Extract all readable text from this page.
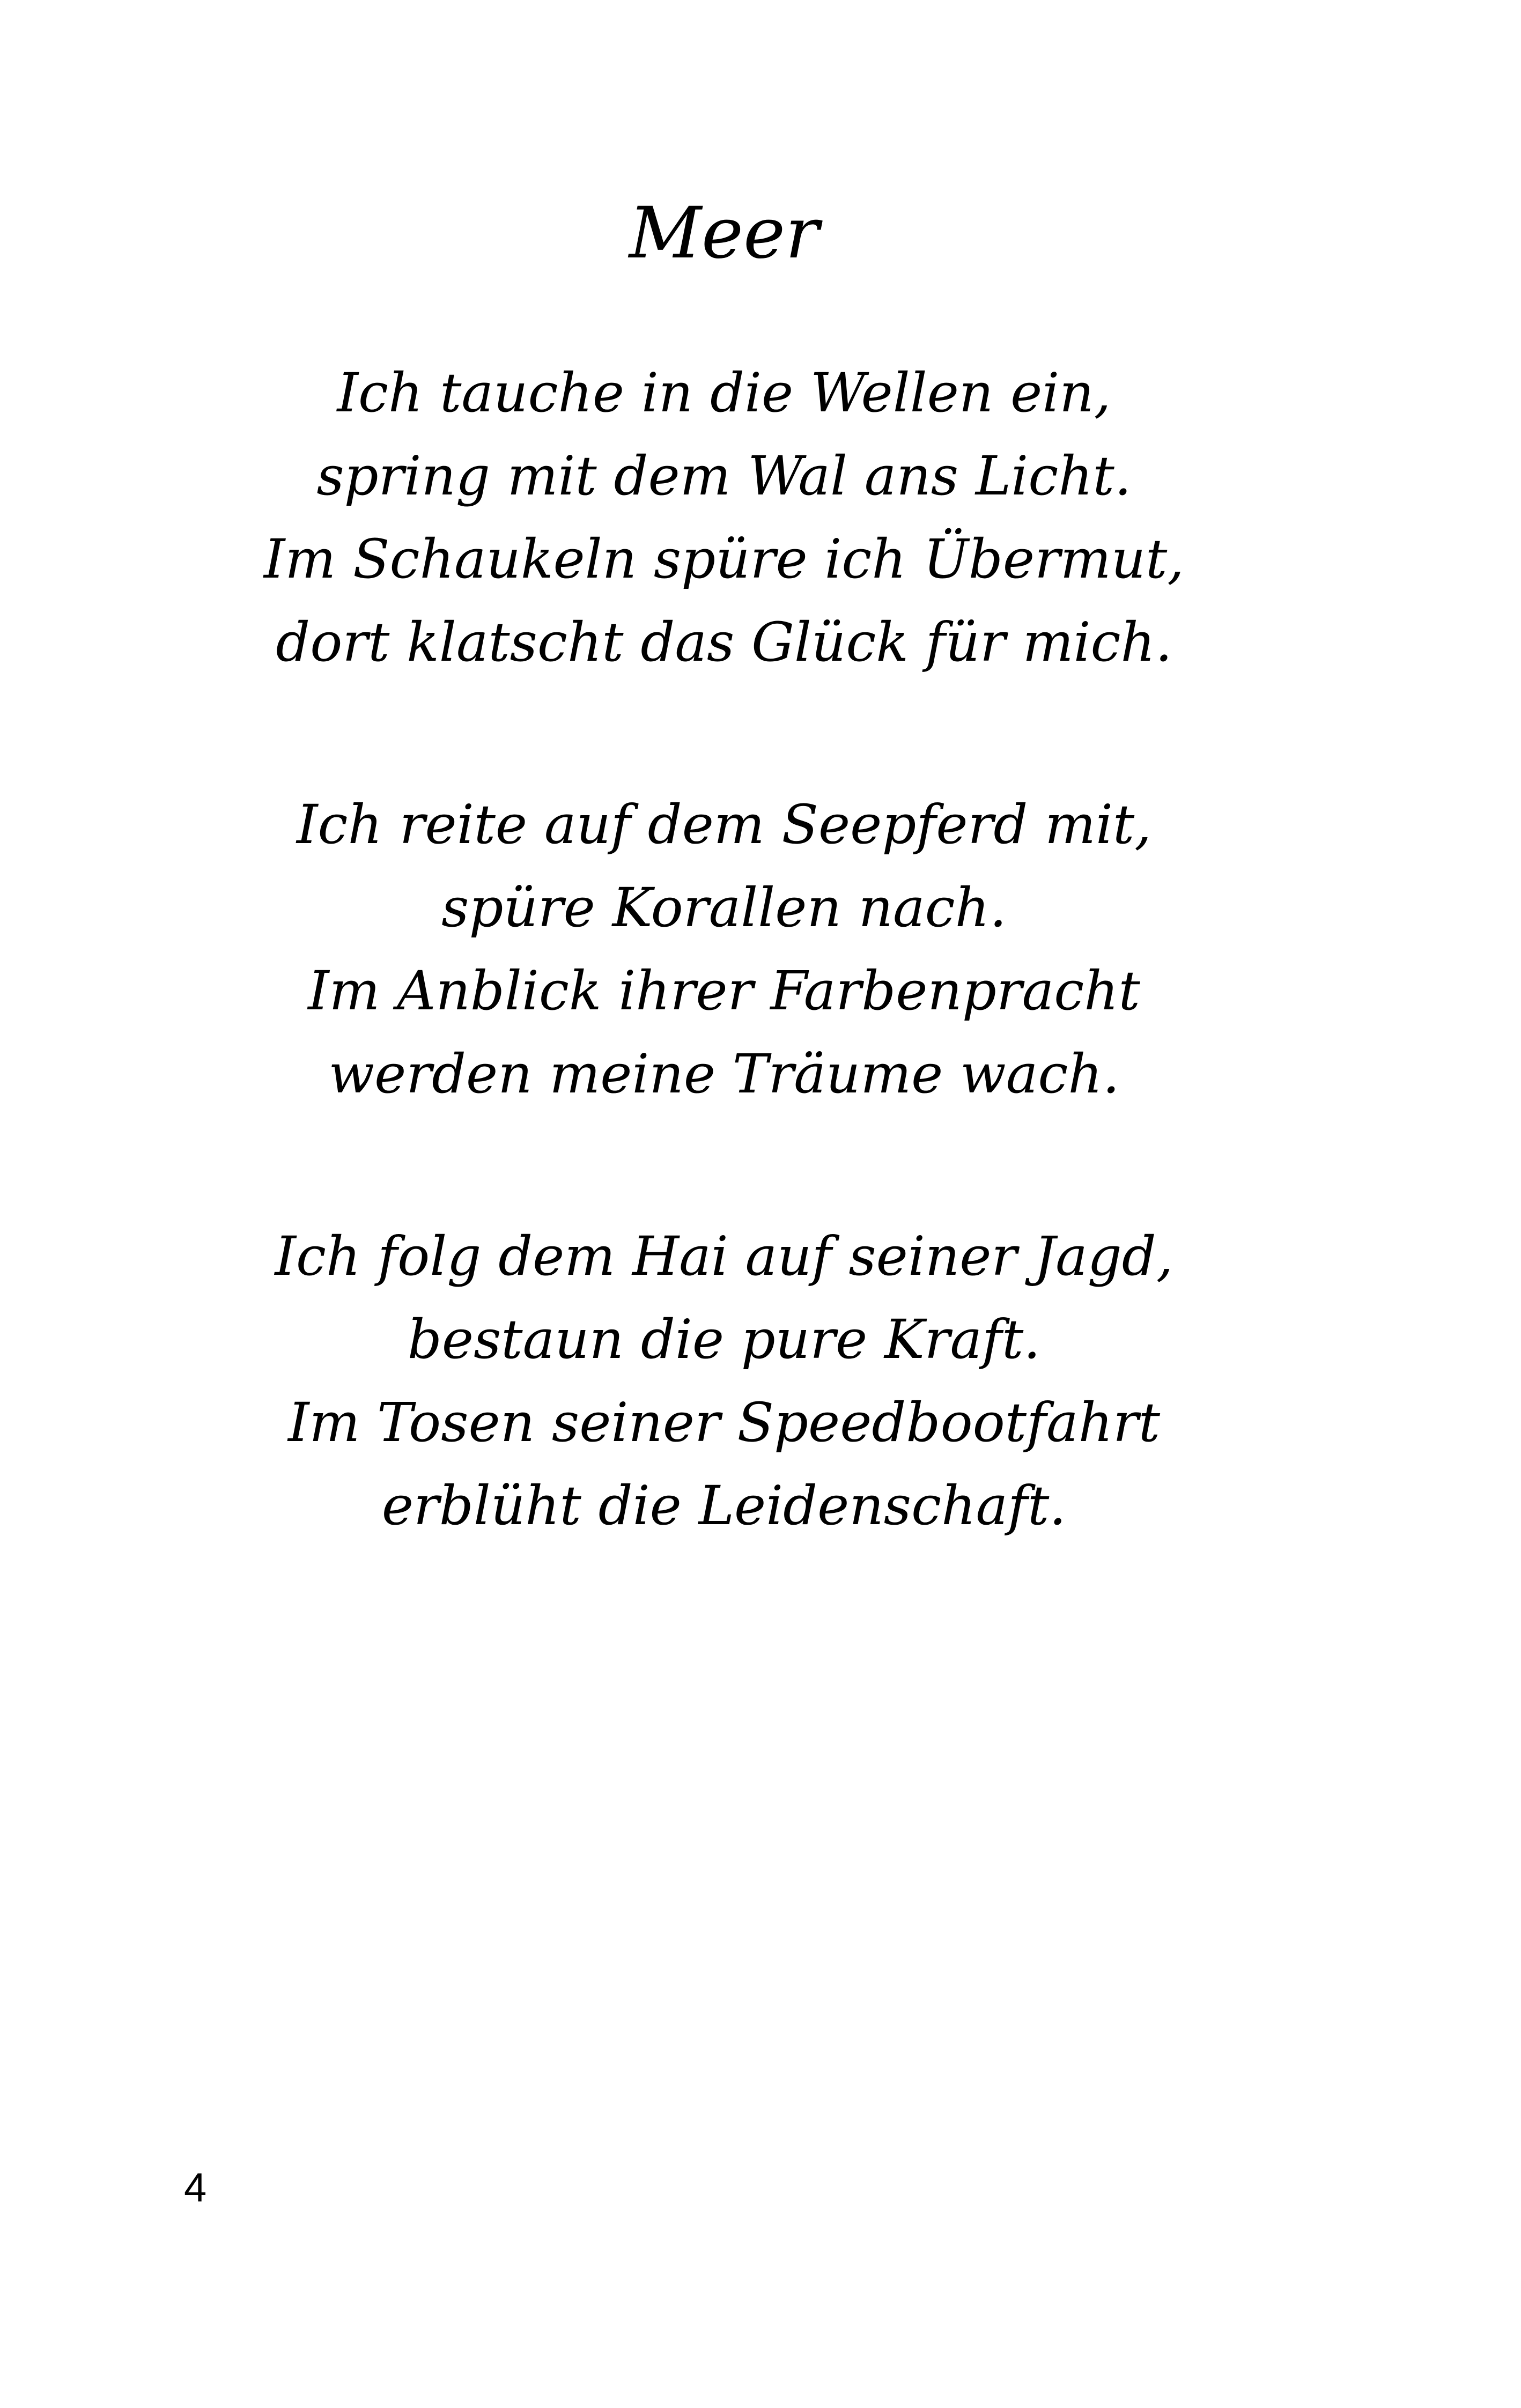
Meer
Ich tauche in die Wellen ein,
spring mit dem Wal ans Licht.
Im Schaukeln spüre ich Übermut,
dort klatscht das Glück für mich.
Ich reite auf dem Seepferd mit,
spüre Korallen nach.
Im Anblick ihrer Farbenpracht
werden meine Träume wach.
Ich folg dem Hai auf seiner Jagd,
bestaun die pure Kraft.
Im Tosen seiner Speedbootfahrt
erblüht die Leidenschaft.
4
